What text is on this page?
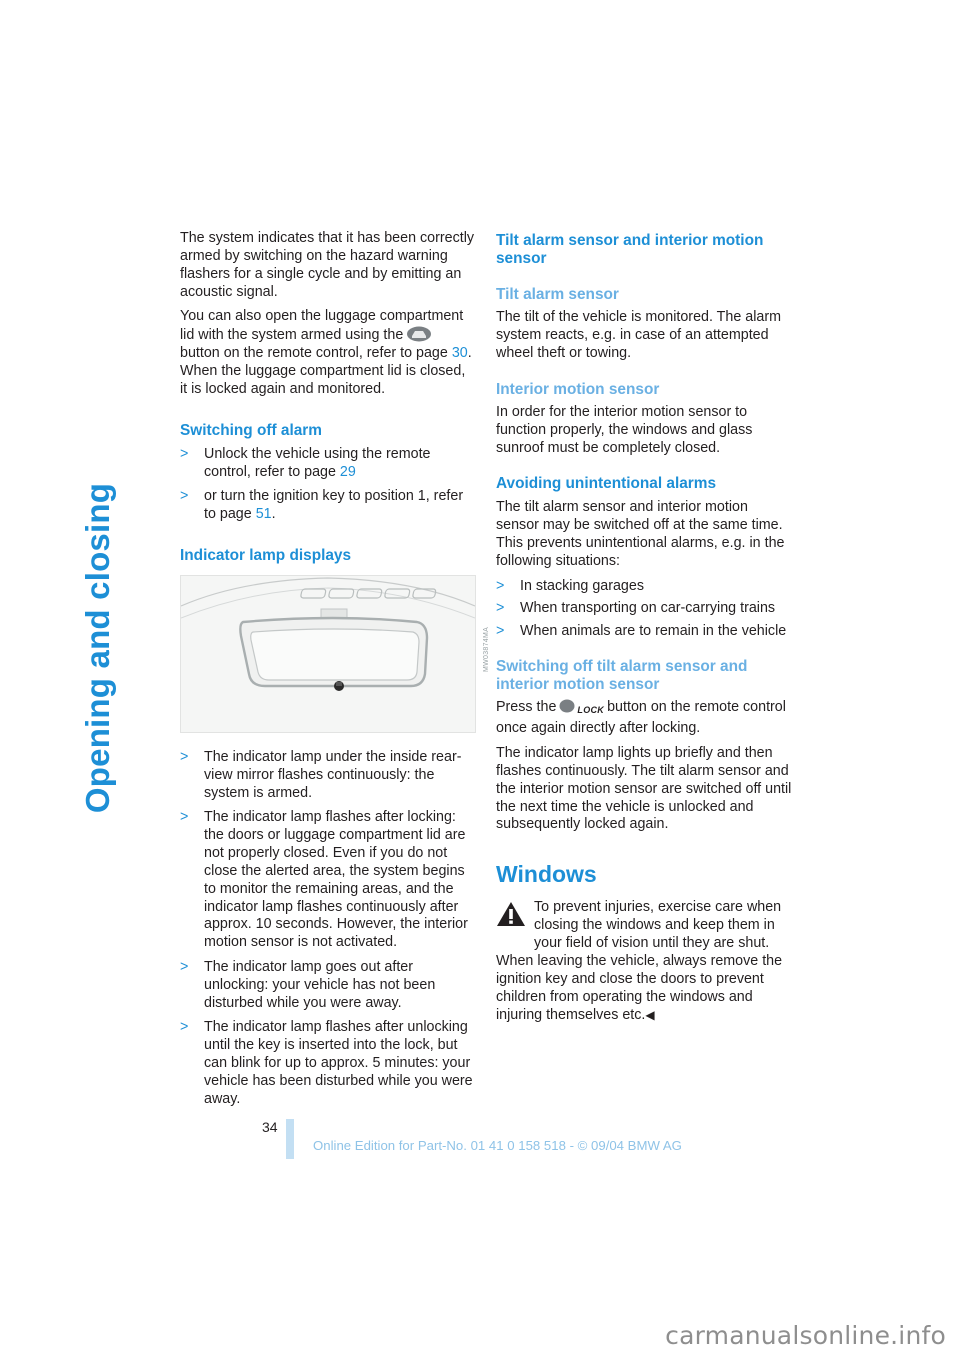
Opening and closing

The system indicates that it has been correctly armed by switching on the hazard warning flashers for a single cycle and by emitting an acoustic signal.

You can also open the luggage compartment lid with the system armed using thebutton on the remote control, refer to page 30. When the luggage compartment lid is closed, it is locked again and monitored.

Switching off alarm
> Unlock the vehicle using the remote control, refer to page 29
> or turn the ignition key to position 1, refer to page 51.
Indicator lamp displays
MW03874MA
> The indicator lamp under the inside rear-view mirror flashes continuously: the system is armed.
> The indicator lamp flashes after locking: the doors or luggage compartment lid are not properly closed. Even if you do not close the alerted area, the system begins to monitor the remaining areas, and the indicator lamp flashes continuously after approx. 10 seconds. However, the interior motion sensor is not activated.
> The indicator lamp goes out after unlocking: your vehicle has not been disturbed while you were away.
> The indicator lamp flashes after unlocking until the key is inserted into the lock, but can blink for up to approx. 5 minutes: your vehicle has been disturbed while you were away.
Tilt alarm sensor and interior motion sensor
Tilt alarm sensor

The tilt of the vehicle is monitored. The alarm system reacts, e.g. in case of an attempted wheel theft or towing.

Interior motion sensor

In order for the interior motion sensor to function properly, the windows and glass sunroof must be completely closed.

Avoiding unintentional alarms

The tilt alarm sensor and interior motion sensor may be switched off at the same time. This prevents unintentional alarms, e.g. in the following situations:

> In stacking garages
> When transporting on car-carrying trains
> When animals are to remain in the vehicle
Switching off tilt alarm sensor and interior motion sensor

Press the LOCK button on the remote control once again directly after locking.

The indicator lamp lights up briefly and then flashes continuously. The tilt alarm sensor and the interior motion sensor are switched off until the next time the vehicle is unlocked and subsequently locked again.

Windows

To prevent injuries, exercise care when closing the windows and keep them in your field of vision until they are shut.

When leaving the vehicle, always remove the ignition key and close the doors to prevent children from operating the windows and injuring themselves etc.◀

34
Online Edition for Part-No. 01 41 0 158 518 - © 09/04 BMW AG
carmanualsonline.info
